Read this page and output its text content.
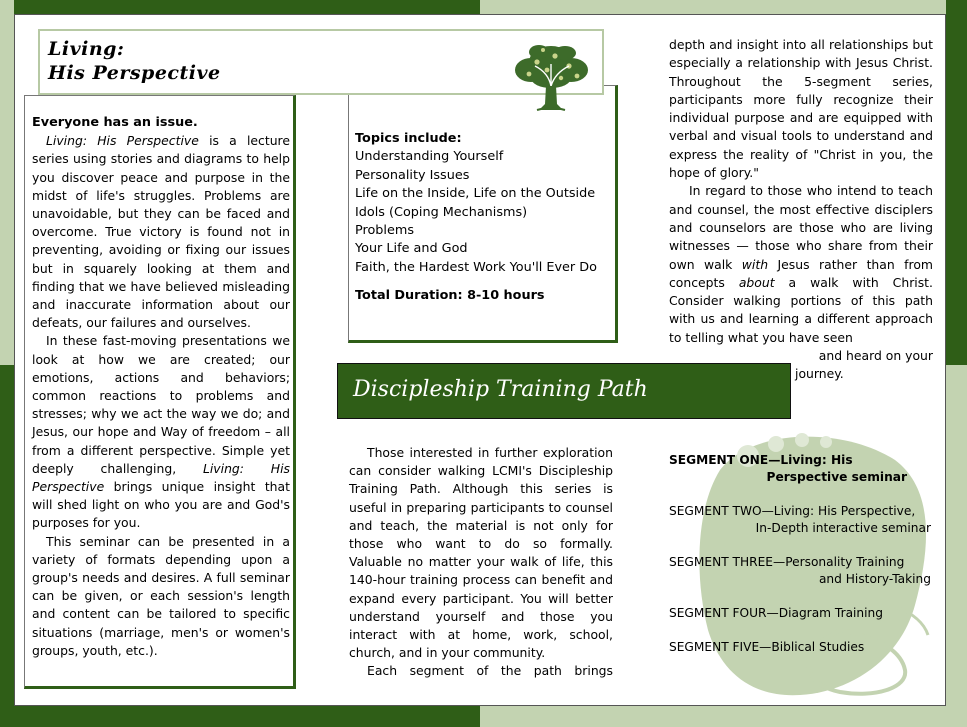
Everyone has an issue.

Living: His Perspective is a lecture series using stories and diagrams to help you discover peace and purpose in the midst of life's struggles. Problems are unavoidable, but they can be faced and overcome. True victory is found not in preventing, avoiding or fixing our issues but in squarely looking at them and finding that we have believed misleading and inaccurate information about our defeats, our failures and ourselves.

In these fast-moving presentations we look at how we are created; our emotions, actions and behaviors; common reactions to problems and stresses; why we act the way we do; and Jesus, our hope and Way of freedom – all from a different perspective. Simple yet deeply challenging, Living: His Perspective brings unique insight that will shed light on who you are and God's purposes for you.

This seminar can be presented in a variety of formats depending upon a group's needs and desires. A full seminar can be given, or each session's length and content can be tailored to specific situations (marriage, men's or women's groups, youth, etc.).

Topics include:
Understanding Yourself
Personality Issues
Life on the Inside, Life on the Outside
Idols (Coping Mechanisms)
Problems
Your Life and God
Faith, the Hardest Work You'll Ever Do
Total Duration: 8-10 hours
Living:
His Perspective
Discipleship Training Path

Those interested in further exploration can consider walking LCMI's Discipleship Training Path. Although this series is useful in preparing participants to counsel and teach, the material is not only for those who want to do so formally. Valuable no matter your walk of life, this 140-hour training process can benefit and expand every participant. You will better understand yourself and those you interact with at home, work, school, church, and in your community.

Each segment of the path brings

depth and insight into all relationships but especially a relationship with Jesus Christ. Throughout the 5-segment series, participants more fully recognize their individual purpose and are equipped with verbal and visual tools to understand and express the reality of "Christ in you, the hope of glory."

In regard to those who intend to teach and counsel, the most effective disciplers and counselors are those who are living witnesses — those who share from their own walk with Jesus rather than from concepts about a walk with Christ. Consider walking portions of this path with us and learning a different approach to telling what you have seen

and heard on your

journey.

SEGMENT ONE—Living: His
Perspective seminar
SEGMENT TWO—Living: His Perspective,
In-Depth interactive seminar
SEGMENT THREE—Personality Training
and History-Taking
SEGMENT FOUR—Diagram Training
SEGMENT FIVE—Biblical Studies
